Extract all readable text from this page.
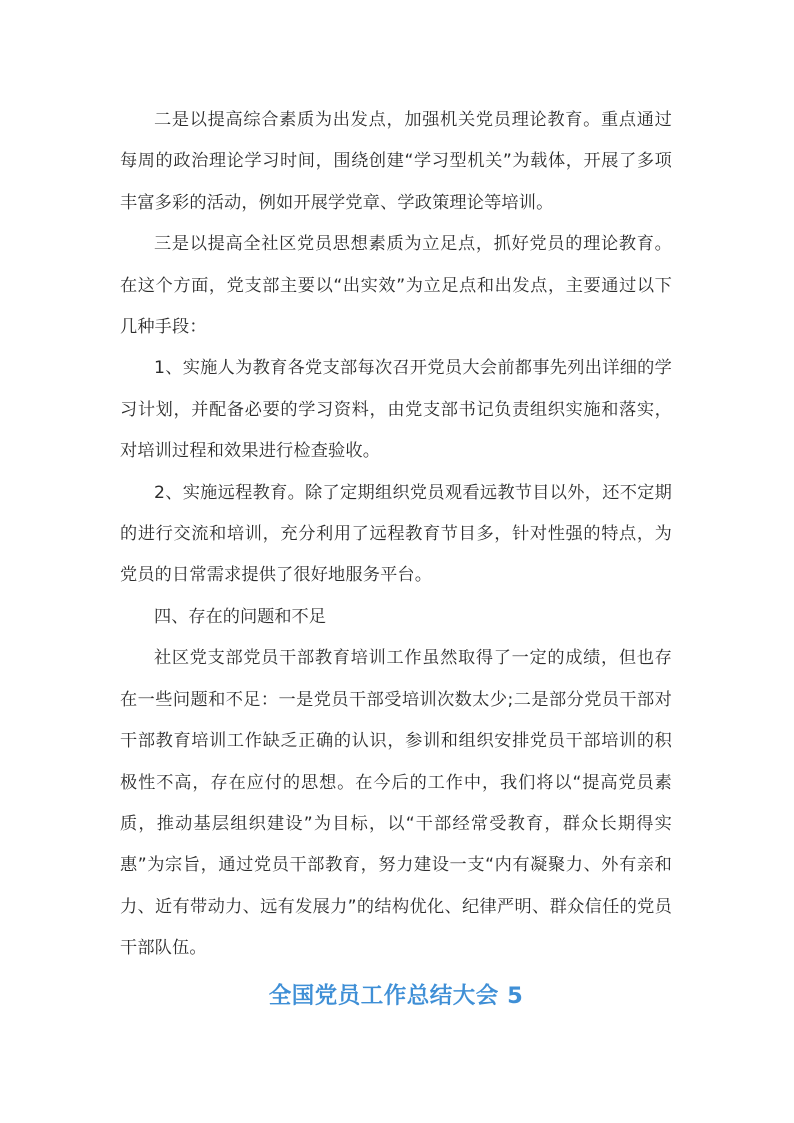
二是以提高综合素质为出发点，加强机关党员理论教育。重点通过每周的政治理论学习时间，围绕创建“学习型机关”为载体，开展了多项丰富多彩的活动，例如开展学党章、学政策理论等培训。

三是以提高全社区党员思想素质为立足点，抓好党员的理论教育。在这个方面，党支部主要以“出实效”为立足点和出发点，主要通过以下几种手段：

1、实施人为教育各党支部每次召开党员大会前都事先列出详细的学习计划，并配备必要的学习资料，由党支部书记负责组织实施和落实，对培训过程和效果进行检查验收。

2、实施远程教育。除了定期组织党员观看远教节目以外，还不定期的进行交流和培训，充分利用了远程教育节目多，针对性强的特点，为党员的日常需求提供了很好地服务平台。

四、存在的问题和不足

社区党支部党员干部教育培训工作虽然取得了一定的成绩，但也存在一些问题和不足：一是党员干部受培训次数太少;二是部分党员干部对干部教育培训工作缺乏正确的认识，参训和组织安排党员干部培训的积极性不高，存在应付的思想。在今后的工作中，我们将以“提高党员素质，推动基层组织建设”为目标，以“干部经常受教育，群众长期得实惠”为宗旨，通过党员干部教育，努力建设一支“内有凝聚力、外有亲和力、近有带动力、远有发展力”的结构优化、纪律严明、群众信任的党员干部队伍。

全国党员工作总结大会 5
